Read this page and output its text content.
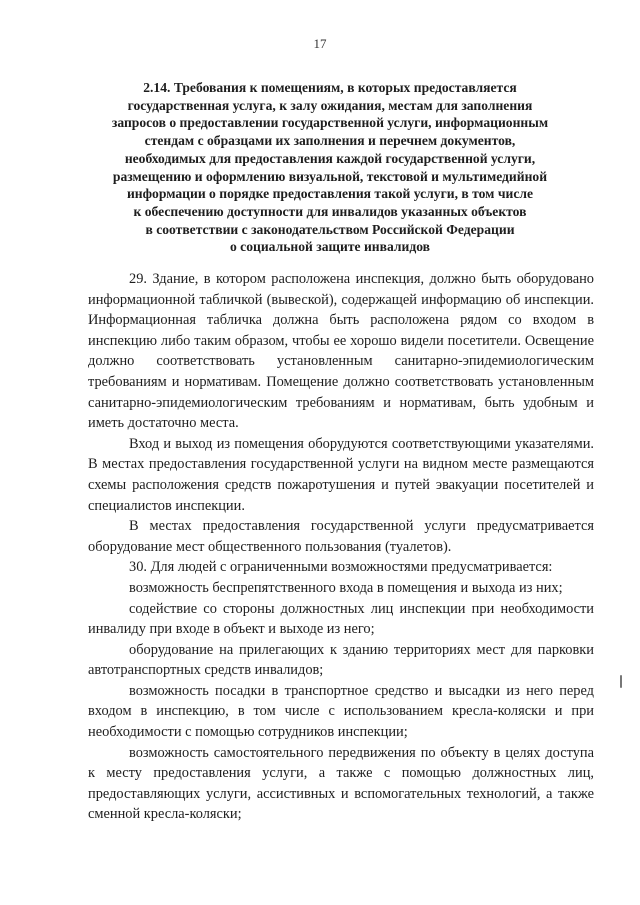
17
2.14. Требования к помещениям, в которых предоставляется
государственная услуга, к залу ожидания, местам для заполнения
запросов о предоставлении государственной услуги, информационным
стендам с образцами их заполнения и перечнем документов,
необходимых для предоставления каждой государственной услуги,
размещению и оформлению визуальной, текстовой и мультимедийной
информации о порядке предоставления такой услуги, в том числе
к обеспечению доступности для инвалидов указанных объектов
в соответствии с законодательством Российской Федерации
о социальной защите инвалидов

29. Здание, в котором расположена инспекция, должно быть оборудовано информационной табличкой (вывеской), содержащей информацию об инспекции. Информационная табличка должна быть расположена рядом со входом в инспекцию либо таким образом, чтобы ее хорошо видели посетители. Освещение должно соответствовать установленным санитарно-эпидемиологическим требованиям и нормативам. Помещение должно соответствовать установленным санитарно-эпидемиологическим требованиям и нормативам, быть удобным и иметь достаточно места.

Вход и выход из помещения оборудуются соответствующими указателями. В местах предоставления государственной услуги на видном месте размещаются схемы расположения средств пожаротушения и путей эвакуации посетителей и специалистов инспекции.

В местах предоставления государственной услуги предусматривается оборудование мест общественного пользования (туалетов).

30. Для людей с ограниченными возможностями предусматривается:

возможность беспрепятственного входа в помещения и выхода из них;

содействие со стороны должностных лиц инспекции при необходимости инвалиду при входе в объект и выходе из него;

оборудование на прилегающих к зданию территориях мест для парковки автотранспортных средств инвалидов;

возможность посадки в транспортное средство и высадки из него перед входом в инспекцию, в том числе с использованием кресла-коляски и при необходимости с помощью сотрудников инспекции;

возможность самостоятельного передвижения по объекту в целях доступа к месту предоставления услуги, а также с помощью должностных лиц, предоставляющих услуги, ассистивных и вспомогательных технологий, а также сменной кресла-коляски;
